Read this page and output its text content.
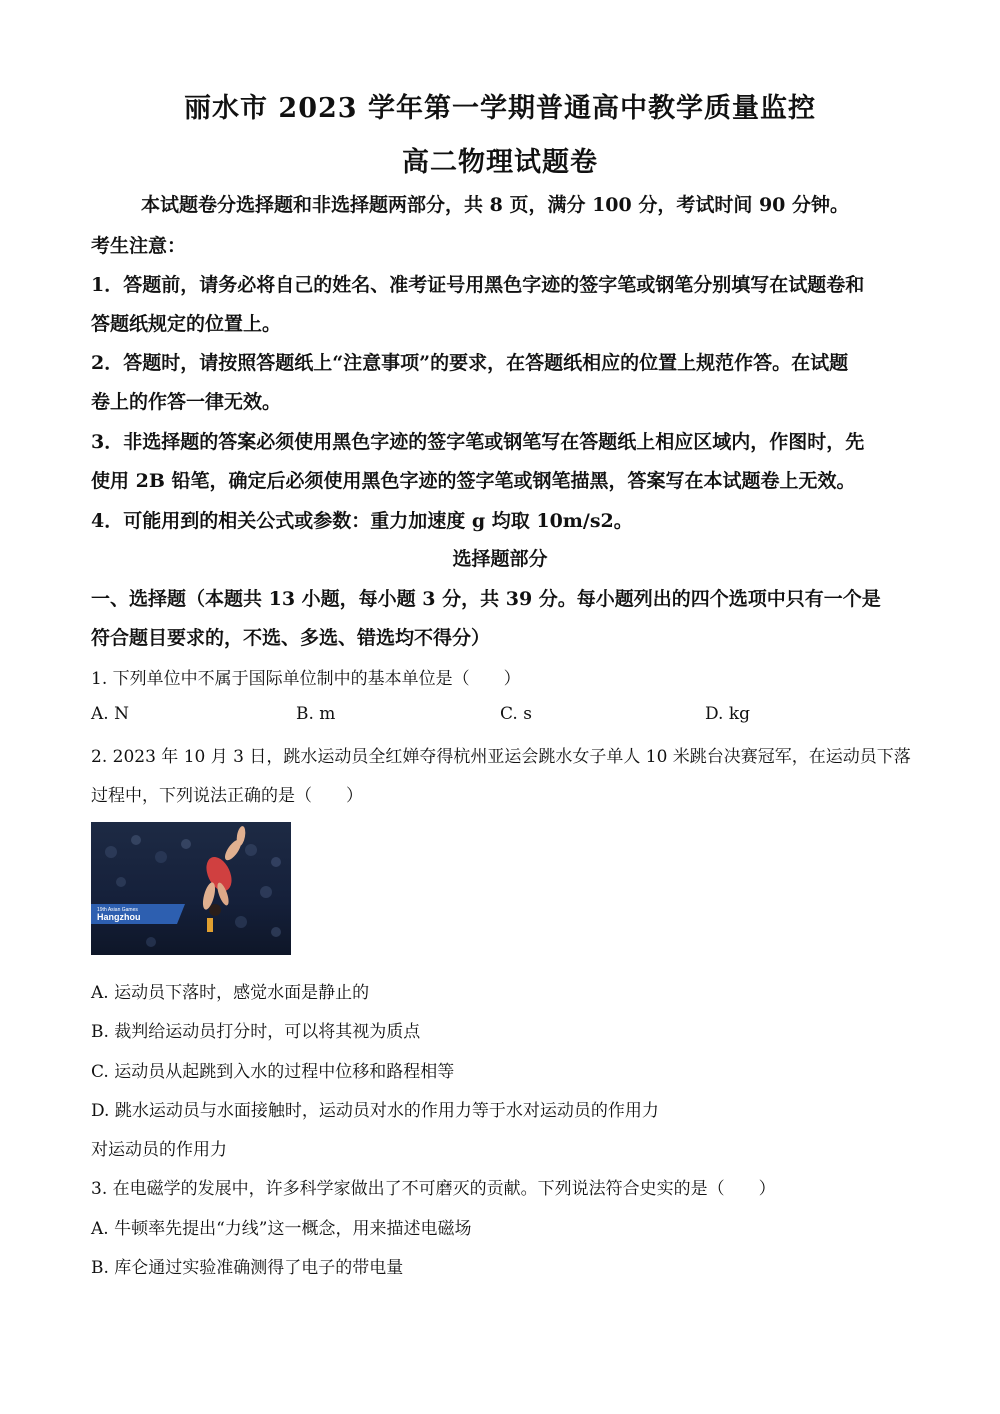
丽水市 2023 学年第一学期普通高中教学质量监控
高二物理试题卷
本试题卷分选择题和非选择题两部分，共 8 页，满分 100 分，考试时间 90 分钟。
考生注意：
1．答题前，请务必将自己的姓名、准考证号用黑色字迹的签字笔或钢笔分别填写在试题卷和
答题纸规定的位置上。
2．答题时，请按照答题纸上“注意事项”的要求，在答题纸相应的位置上规范作答。在试题
卷上的作答一律无效。
3．非选择题的答案必须使用黑色字迹的签字笔或钢笔写在答题纸上相应区域内，作图时，先
使用 2B 铅笔，确定后必须使用黑色字迹的签字笔或钢笔描黑，答案写在本试题卷上无效。
4．可能用到的相关公式或参数：重力加速度 g 均取 10m/s2。
选择题部分
一、选择题（本题共 13 小题，每小题 3 分，共 39 分。每小题列出的四个选项中只有一个是
符合题目要求的，不选、多选、错选均不得分）
1. 下列单位中不属于国际单位制中的基本单位是（　　）
A. N	B. m	C. s	D. kg
2. 2023 年 10 月 3 日，跳水运动员全红婵夺得杭州亚运会跳水女子单人 10 米跳台决赛冠军，在运动员下落
过程中，下列说法正确的是（　　）
19th Asian Games
Hangzhou
A. 运动员下落时，感觉水面是静止的
B. 裁判给运动员打分时，可以将其视为质点
C. 运动员从起跳到入水的过程中位移和路程相等
D. 跳水运动员与水面接触时，运动员对水的作用力等于水对运动员的作用力
对运动员的作用力
3. 在电磁学的发展中，许多科学家做出了不可磨灭的贡献。下列说法符合史实的是（　　）
A. 牛顿率先提出“力线”这一概念，用来描述电磁场
B. 库仑通过实验准确测得了电子的带电量
